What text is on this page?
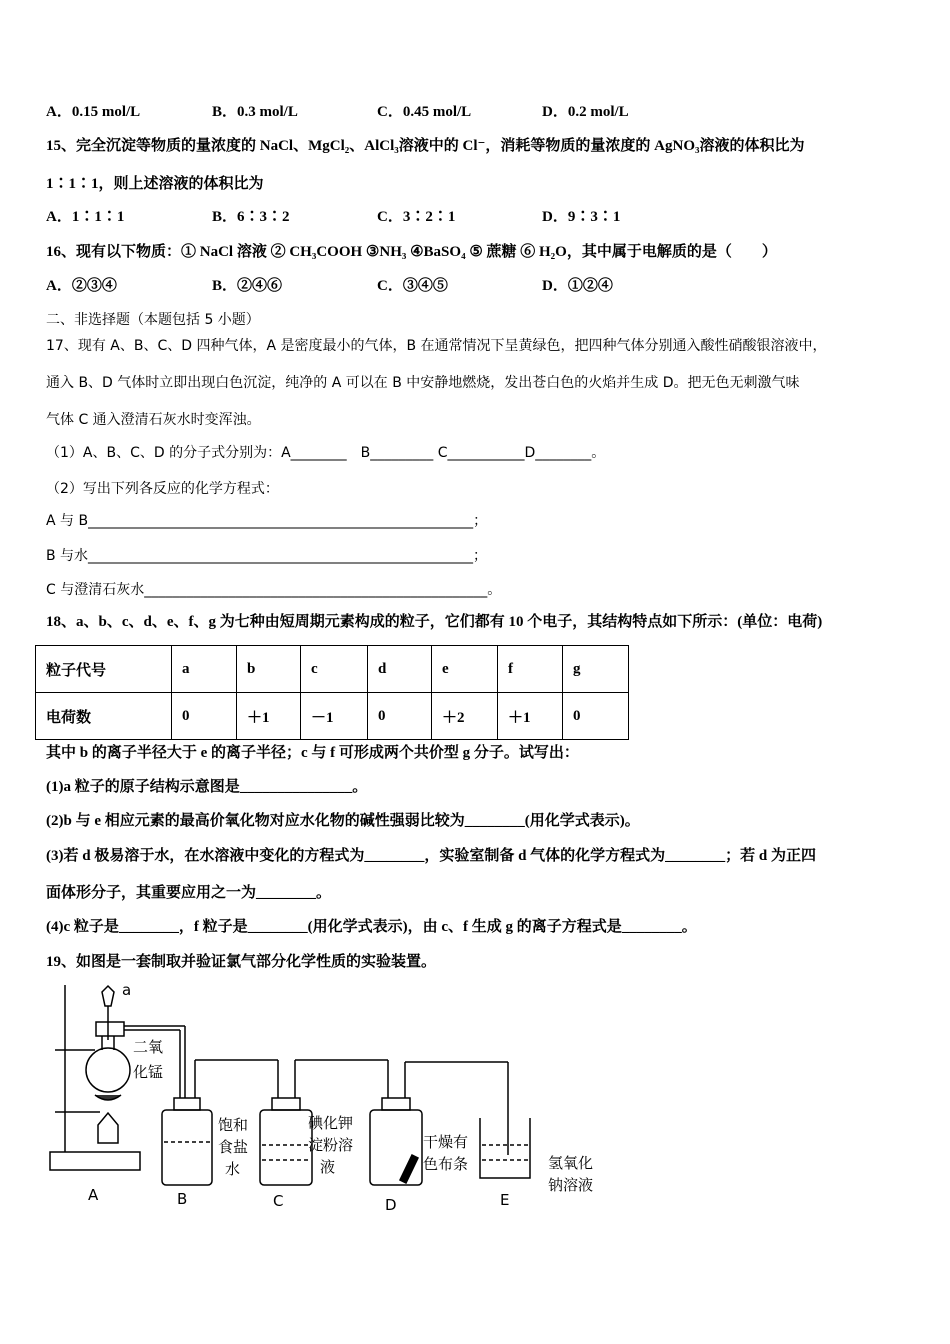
A．0.15 mol/L	B．0.3 mol/L	C．0.45 mol/L	D．0.2 mol/L
15、完全沉淀等物质的量浓度的 NaCl、MgCl₂、AlCl₃溶液中的 Cl⁻，消耗等物质的量浓度的 AgNO₃溶液的体积比为
1∶1∶1，则上述溶液的体积比为
A．1∶1∶1	B．6∶3∶2	C．3∶2∶1	D．9∶3∶1
16、现有以下物质：① NaCl 溶液 ② CH₃COOH ③NH₃ ④BaSO₄ ⑤ 蔗糖 ⑥ H₂O，其中属于电解质的是（　　）
A．②③④	B．②④⑥	C．③④⑤	D．①②④
二、非选择题（本题包括 5 小题）
17、现有 A、B、C、D 四种气体，A 是密度最小的气体，B 在通常情况下呈黄绿色，把四种气体分别通入酸性硝酸银溶液中，
通入 B、D 气体时立即出现白色沉淀，纯净的 A 可以在 B 中安静地燃烧，发出苍白色的火焰并生成 D。把无色无刺激气味
气体 C 通入澄清石灰水时变浑浊。
（1）A、B、C、D 的分子式分别为：A________　B_________ C___________D________。
（2）写出下列各反应的化学方程式：
A 与 B_______________________________________________________；
B 与水_______________________________________________________；
C 与澄清石灰水_________________________________________________。
18、a、b、c、d、e、f、g 为七种由短周期元素构成的粒子，它们都有 10 个电子，其结构特点如下所示：(单位：电荷)
粒子代号	a	b	c	d	e	f	g
电荷数	0	＋1	－1	0	＋2	＋1	0
其中 b 的离子半径大于 e 的离子半径；c 与 f 可形成两个共价型 g 分子。试写出：
(1)a 粒子的原子结构示意图是_______________。
(2)b 与 e 相应元素的最高价氧化物对应水化物的碱性强弱比较为________(用化学式表示)。
(3)若 d 极易溶于水，在水溶液中变化的方程式为________，实验室制备 d 气体的化学方程式为________；若 d 为正四
面体形分子，其重要应用之一为________。
(4)c 粒子是________，f 粒子是________(用化学式表示)，由 c、f 生成 g 的离子方程式是________。
19、如图是一套制取并验证氯气部分化学性质的实验装置。
a
二氧
化锰
饱和
食盐
水
碘化钾
淀粉溶
液
干燥有
色布条	氢氧化
钠溶液
A	B	C	D	E
